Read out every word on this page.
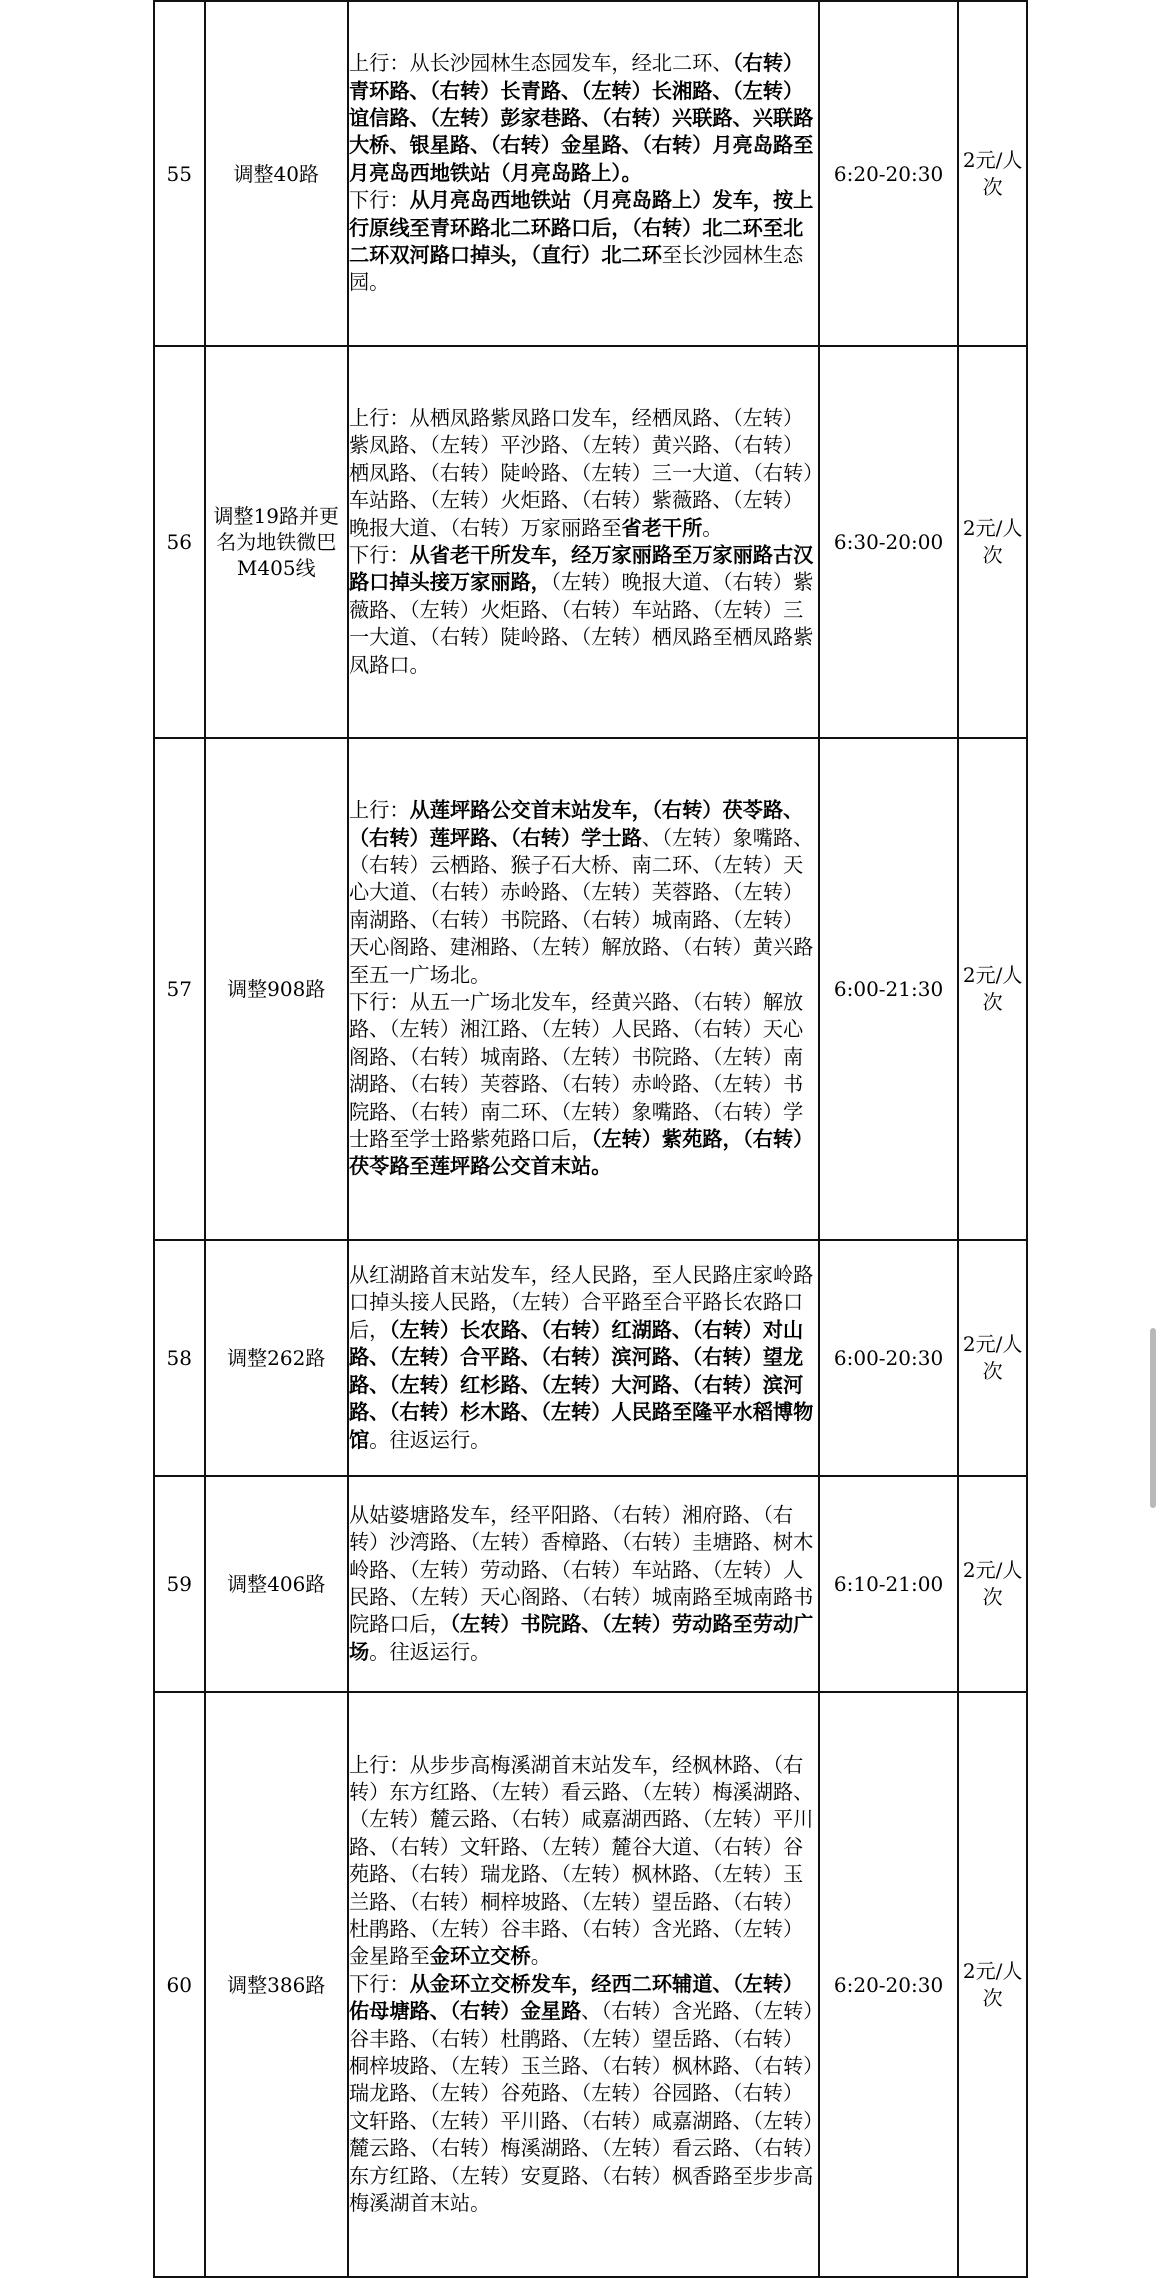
55	调整40路	上行：从长沙园林生态园发车，经北二环、（右转）青环路、（右转）长青路、（左转）长湘路、（左转）谊信路、（左转）彭家巷路、（右转）兴联路、兴联路大桥、银星路、（右转）金星路、（右转）月亮岛路至月亮岛西地铁站（月亮岛路上）。
下行：从月亮岛西地铁站（月亮岛路上）发车，按上行原线至青环路北二环路口后，（右转）北二环至北二环双河路口掉头，（直行）北二环至长沙园林生态园。	6:20-20:30	2元/人次
56	调整19路并更名为地铁微巴M405线	上行：从栖凤路紫凤路口发车，经栖凤路、（左转）紫凤路、（左转）平沙路、（左转）黄兴路、（右转）栖凤路、（右转）陡岭路、（左转）三一大道、（右转）车站路、（左转）火炬路、（右转）紫薇路、（左转）晚报大道、（右转）万家丽路至省老干所。
下行：从省老干所发车，经万家丽路至万家丽路古汉路口掉头接万家丽路，（左转）晚报大道、（右转）紫薇路、（左转）火炬路、（右转）车站路、（左转）三一大道、（右转）陡岭路、（左转）栖凤路至栖凤路紫凤路口。	6:30-20:00	2元/人次
57	调整908路	上行：从莲坪路公交首末站发车，（右转）茯苓路、（右转）莲坪路、（右转）学士路、（左转）象嘴路、（右转）云栖路、猴子石大桥、南二环、（左转）天心大道、（右转）赤岭路、（左转）芙蓉路、（左转）南湖路、（右转）书院路、（右转）城南路、（左转）天心阁路、建湘路、（左转）解放路、（右转）黄兴路至五一广场北。
下行：从五一广场北发车，经黄兴路、（右转）解放路、（左转）湘江路、（左转）人民路、（右转）天心阁路、（右转）城南路、（左转）书院路、（左转）南湖路、（右转）芙蓉路、（右转）赤岭路、（左转）书院路、（右转）南二环、（左转）象嘴路、（右转）学士路至学士路紫苑路口后，（左转）紫苑路，（右转）茯苓路至莲坪路公交首末站。	6:00-21:30	2元/人次
58	调整262路	从红湖路首末站发车，经人民路，至人民路庄家岭路口掉头接人民路，（左转）合平路至合平路长农路口后，（左转）长农路、（右转）红湖路、（右转）对山路、（左转）合平路、（右转）滨河路、（右转）望龙路、（左转）红杉路、（左转）大河路、（右转）滨河路、（右转）杉木路、（左转）人民路至隆平水稻博物馆。往返运行。	6:00-20:30	2元/人次
59	调整406路	从姑婆塘路发车，经平阳路、（右转）湘府路、（右转）沙湾路、（左转）香樟路、（右转）圭塘路、树木岭路、（左转）劳动路、（右转）车站路、（左转）人民路、（左转）天心阁路、（右转）城南路至城南路书院路口后，（左转）书院路、（左转）劳动路至劳动广场。往返运行。	6:10-21:00	2元/人次
60	调整386路	上行：从步步高梅溪湖首末站发车，经枫林路、（右转）东方红路、（左转）看云路、（左转）梅溪湖路、（左转）麓云路、（右转）咸嘉湖西路、（左转）平川路、（右转）文轩路、（左转）麓谷大道、（右转）谷苑路、（右转）瑞龙路、（左转）枫林路、（左转）玉兰路、（右转）桐梓坡路、（左转）望岳路、（右转）杜鹃路、（左转）谷丰路、（右转）含光路、（左转）金星路至金环立交桥。
下行：从金环立交桥发车，经西二环辅道、（左转）佑母塘路、（右转）金星路、（右转）含光路、（左转）谷丰路、（右转）杜鹃路、（左转）望岳路、（右转）桐梓坡路、（左转）玉兰路、（右转）枫林路、（右转）瑞龙路、（左转）谷苑路、（左转）谷园路、（右转）文轩路、（左转）平川路、（右转）咸嘉湖路、（左转）麓云路、（右转）梅溪湖路、（左转）看云路、（右转）东方红路、（左转）安夏路、（右转）枫香路至步步高梅溪湖首末站。	6:20-20:30	2元/人次
